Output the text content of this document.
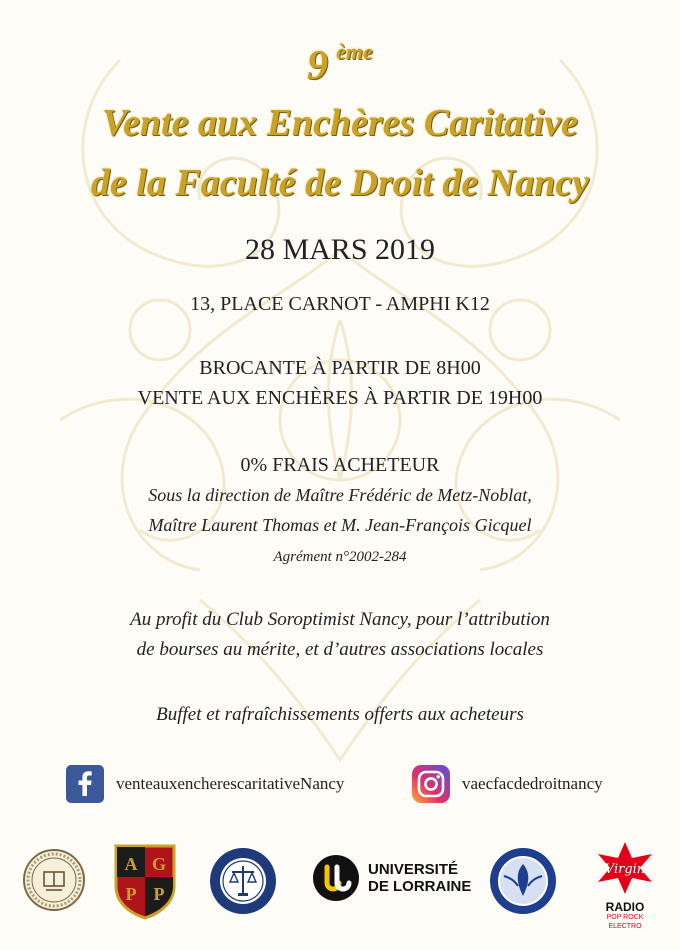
9 $^{ème}$
Vente aux Enchères Caritative
de la Faculté de Droit de Nancy
28 MARS 2019
13, PLACE CARNOT - AMPHI K12
BROCANTE À PARTIR DE 8H00
VENTE AUX ENCHÈRES À PARTIR DE 19H00
0% FRAIS ACHETEUR
Sous la direction de Maître Frédéric de Metz-Noblat,
Maître Laurent Thomas et M. Jean-François Gicquel
Agrément n°2002-284
Au profit du Club Soroptimist Nancy, pour l’attribution
de bourses au mérite, et d’autres associations locales
Buffet et rafraîchissements offerts aux acheteurs
venteauxencherescaritativeNancy	vaecfacdedroitnancy
A G
P P
UNIVERSITÉ
DE LORRAINE
Virgin
RADIO
POP ROCK ELECTRO
